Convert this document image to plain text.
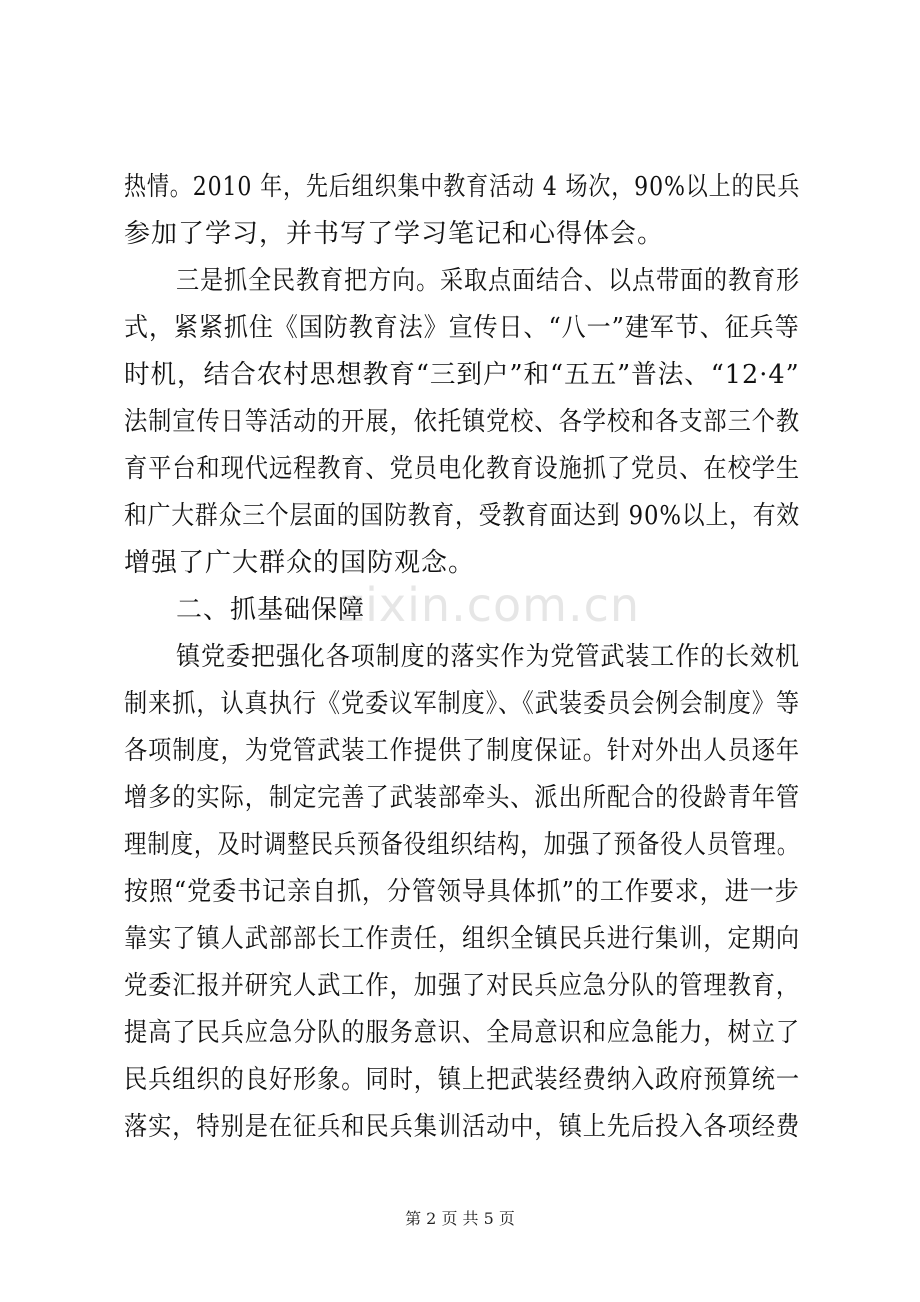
zixin.com.cn
热情。2010 年，先后组织集中教育活动 4 场次，90%以上的民兵
参加了学习，并书写了学习笔记和心得体会。
三是抓全民教育把方向。采取点面结合、以点带面的教育形
式，紧紧抓住《国防教育法》宣传日、“八一”建军节、征兵等
时机，结合农村思想教育“三到户”和“五五”普法、“12·4”
法制宣传日等活动的开展，依托镇党校、各学校和各支部三个教
育平台和现代远程教育、党员电化教育设施抓了党员、在校学生
和广大群众三个层面的国防教育，受教育面达到 90%以上，有效
增强了广大群众的国防观念。
二、抓基础保障
镇党委把强化各项制度的落实作为党管武装工作的长效机
制来抓，认真执行《党委议军制度》、《武装委员会例会制度》等
各项制度，为党管武装工作提供了制度保证。针对外出人员逐年
增多的实际，制定完善了武装部牵头、派出所配合的役龄青年管
理制度，及时调整民兵预备役组织结构，加强了预备役人员管理。
按照“党委书记亲自抓，分管领导具体抓”的工作要求，进一步
靠实了镇人武部部长工作责任，组织全镇民兵进行集训，定期向
党委汇报并研究人武工作，加强了对民兵应急分队的管理教育，
提高了民兵应急分队的服务意识、全局意识和应急能力，树立了
民兵组织的良好形象。同时，镇上把武装经费纳入政府预算统一
落实，特别是在征兵和民兵集训活动中，镇上先后投入各项经费
第 2 页 共 5 页
